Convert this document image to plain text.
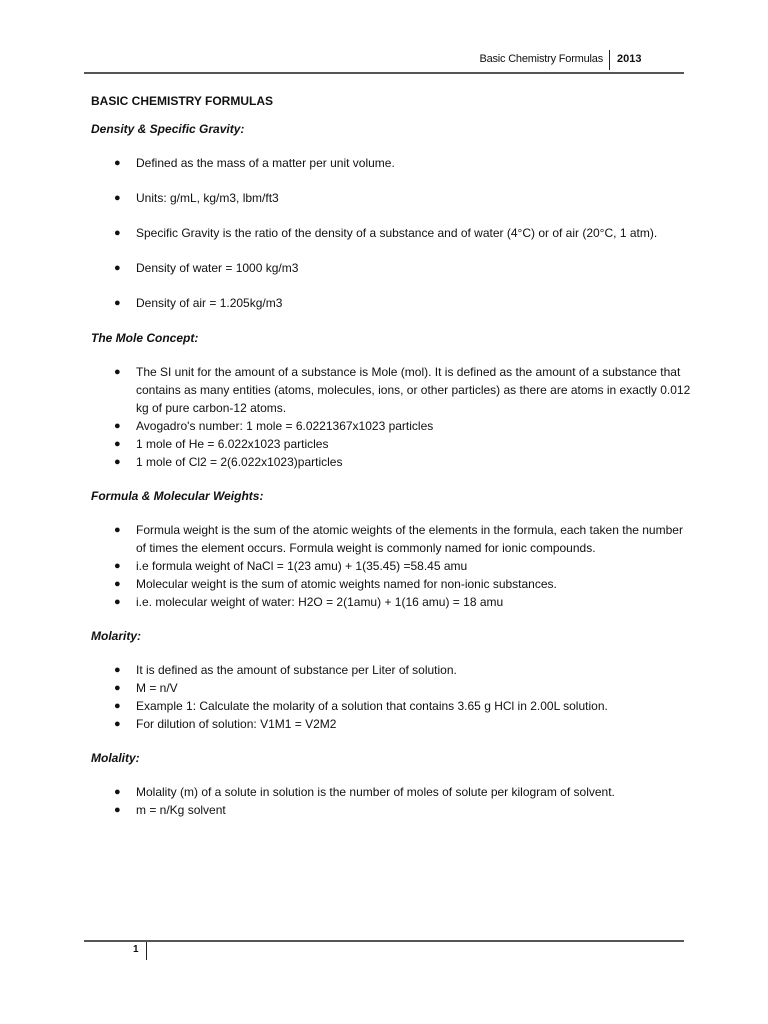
Basic Chemistry Formulas 2013
BASIC CHEMISTRY FORMULAS
Density & Specific Gravity:
● Defined as the mass of a matter per unit volume.
● Units: g/mL, kg/m3, lbm/ft3
● Specific Gravity is the ratio of the density of a substance and of water (4°C) or of air (20°C, 1 atm).
● Density of water = 1000 kg/m3
● Density of air = 1.205kg/m3
The Mole Concept:
● The SI unit for the amount of a substance is Mole (mol). It is defined as the amount of a substance that contains as many entities (atoms, molecules, ions, or other particles) as there are atoms in exactly 0.012 kg of pure carbon-12 atoms.
● Avogadro's number: 1 mole = 6.0221367x1023 particles
● 1 mole of He = 6.022x1023 particles
● 1 mole of Cl2 = 2(6.022x1023)particles
Formula & Molecular Weights:
● Formula weight is the sum of the atomic weights of the elements in the formula, each taken the number of times the element occurs. Formula weight is commonly named for ionic compounds.
● i.e formula weight of NaCl = 1(23 amu) + 1(35.45) =58.45 amu
● Molecular weight is the sum of atomic weights named for non-ionic substances.
● i.e. molecular weight of water: H2O = 2(1amu) + 1(16 amu) = 18 amu
Molarity:
● It is defined as the amount of substance per Liter of solution.
● M = n/V
● Example 1: Calculate the molarity of a solution that contains 3.65 g HCl in 2.00L solution.
● For dilution of solution: V1M1 = V2M2
Molality:
● Molality (m) of a solute in solution is the number of moles of solute per kilogram of solvent.
● m = n/Kg solvent
1
